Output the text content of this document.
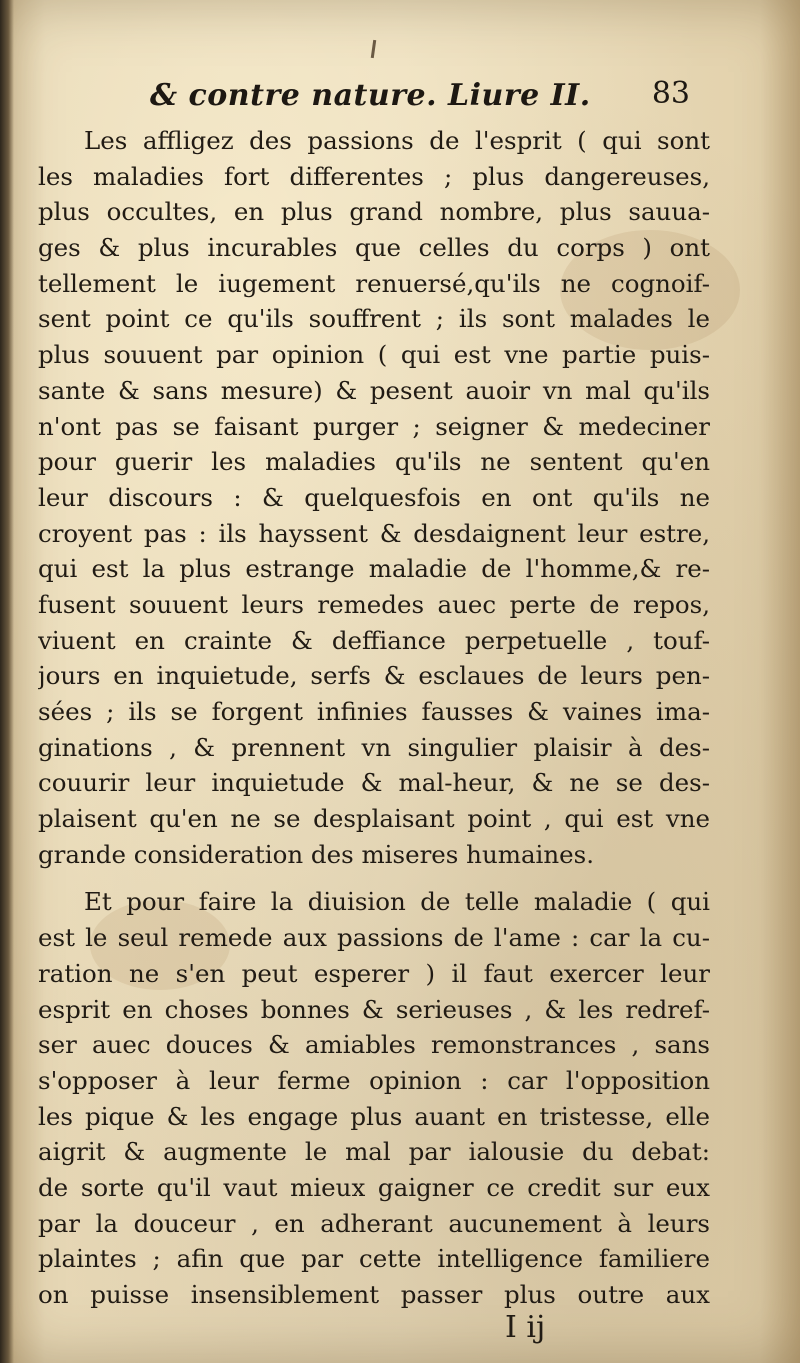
& contre nature. Liure II. 83
Les affligez des passions de l'esprit ( qui sont
les maladies fort differentes ; plus dangereuses,
plus occultes, en plus grand nombre, plus sauua-
ges & plus incurables que celles du corps ) ont
tellement le iugement renuersé,qu'ils ne cognoif-
sent point ce qu'ils souffrent ; ils sont malades le
plus souuent par opinion ( qui est vne partie puis-
sante & sans mesure) & pesent auoir vn mal qu'ils
n'ont pas se faisant purger ; seigner & medeciner
pour guerir les maladies qu'ils ne sentent qu'en
leur discours : & quelquesfois en ont qu'ils ne
croyent pas : ils hayssent & desdaignent leur estre,
qui est la plus estrange maladie de l'homme,& re-
fusent souuent leurs remedes auec perte de repos,
viuent en crainte & deffiance perpetuelle , touf-
jours en inquietude, serfs & esclaues de leurs pen-
sées ; ils se forgent infinies fausses & vaines ima-
ginations , & prennent vn singulier plaisir à des-
couurir leur inquietude & mal-heur, & ne se des-
plaisent qu'en ne se desplaisant point , qui est vne
grande consideration des miseres humaines.
Et pour faire la diuision de telle maladie ( qui
est le seul remede aux passions de l'ame : car la cu-
ration ne s'en peut esperer ) il faut exercer leur
esprit en choses bonnes & serieuses , & les redref-
ser auec douces & amiables remonstrances , sans
s'opposer à leur ferme opinion : car l'opposition
les pique & les engage plus auant en tristesse, elle
aigrit & augmente le mal par ialousie du debat:
de sorte qu'il vaut mieux gaigner ce credit sur eux
par la douceur , en adherant aucunement à leurs
plaintes ; afin que par cette intelligence familiere
on puisse insensiblement passer plus outre aux
I ij
